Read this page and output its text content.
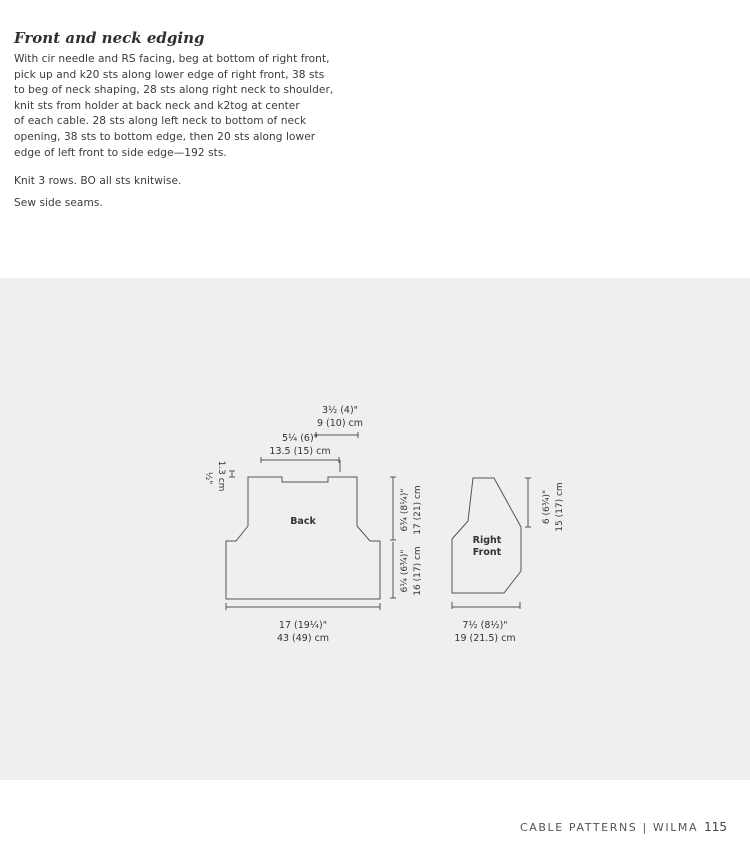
Front and neck edging

With cir needle and RS facing, beg at bottom of right front,
pick up and k20 sts along lower edge of right front, 38 sts
to beg of neck shaping, 28 sts along right neck to shoulder,
knit sts from holder at back neck and k2tog at center
of each cable. 28 sts along left neck to bottom of neck
opening, 38 sts to bottom edge, then 20 sts along lower
edge of left front to side edge—192 sts.

Knit 3 rows. BO all sts knitwise.

Sew side seams.

3½ (4)"
9 (10) cm
5¼ (6)"
13.5 (15) cm
½" 1.3 cm
Back	6¾ (8¼)" 17 (21) cm
6¼ (6¾)" 16 (17) cm
17 (19¼)"
43 (49) cm
Right
Front
6 (6¾)" 15 (17) cm
7½ (8½)"
19 (21.5) cm
CABLE PATTERNS | WILMA 115
